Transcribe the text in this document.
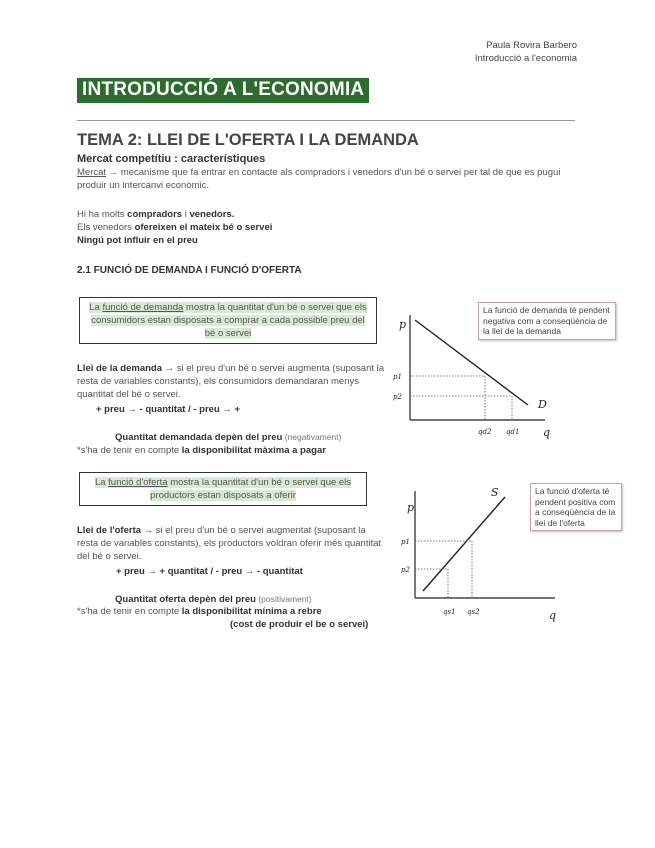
Paula Rovira Barbero
Introducció a l'economia
INTRODUCCIÓ A L'ECONOMIA
TEMA 2: LLEI DE L'OFERTA I LA DEMANDA
Mercat competítiu : característiques
Mercat → mecanisme que fa entrar en contacte als compradors i venedors d'un bé o servei per tal de que es pugui produir un intercanvi econòmic.
Hi ha molts compradors i venedors.
Els venedors ofereixen el mateix bé o servei
Ningú pot influir en el preu
2.1 FUNCIÓ DE DEMANDA I FUNCIÓ D'OFERTA
La funció de demanda mostra la quantitat d'un bé o servei que els consumidors estan disposats a comprar a cada possible preu del bé o servei
Llei de la demanda → si el preu d'un bé o servei augmenta (suposant la resta de variables constants), els consumidors demandaran menys quantitat del bé o servei.
+ preu → - quantitat / - preu → +
Quantitat demandada depèn del preu (negativament)
*s'ha de tenir en compte la disponibilitat màxima a pagar
La funció d'oferta mostra la quantitat d'un bé o servei que els productors estan disposats a oferir
Llei de l'oferta → si el preu d'un bé o servei augmentat (suposant la resta de variables constants), els productors voldran oferir més quantitat del bé o servei.
+ preu → + quantitat / - preu → - quantitat
Quantitat oferta depèn del preu (positivament)
*s'ha de tenir en compte la disponibilitat mínima a rebre
(cost de produir el be o servei)
La funció de demanda té pendent negativa com a conseqüència de la llei de la demanda
La funció d'oferta té pendent positiva com a conseqüència de la llei de l'oferta
p
q
D
p1
p2
qd2 qd1
p
q
S
p1
p2
qs1 qs2
